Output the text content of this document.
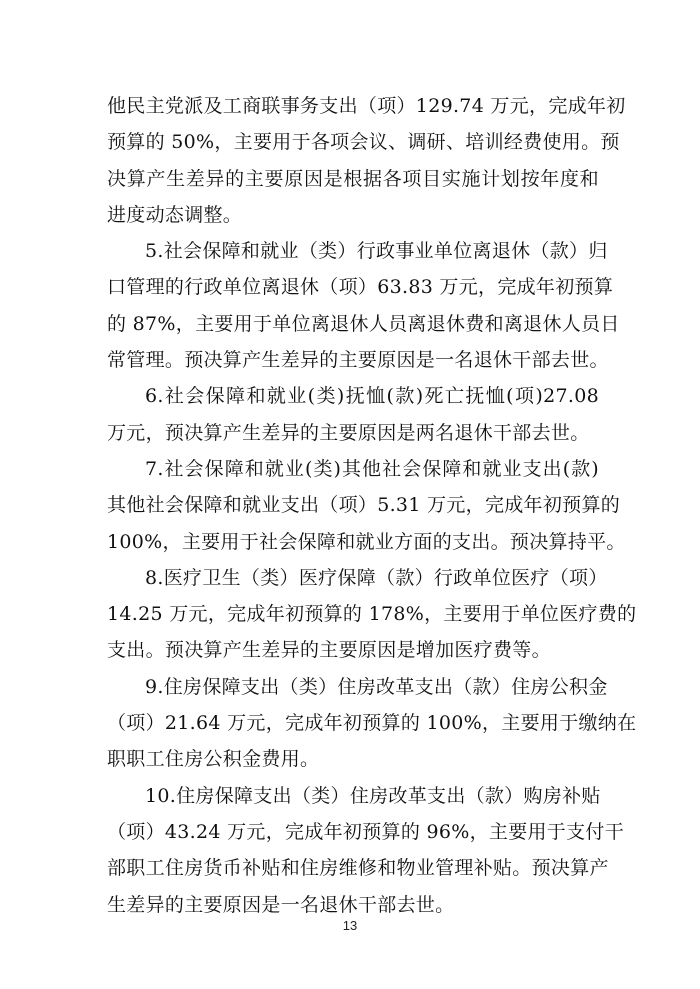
他民主党派及工商联事务支出（项）129.74 万元，完成年初
预算的 50%，主要用于各项会议、调研、培训经费使用。预
决算产生差异的主要原因是根据各项目实施计划按年度和
进度动态调整。
5.社会保障和就业（类）行政事业单位离退休（款）归
口管理的行政单位离退休（项）63.83 万元，完成年初预算
的 87%，主要用于单位离退休人员离退休费和离退休人员日
常管理。预决算产生差异的主要原因是一名退休干部去世。
6.社会保障和就业(类)抚恤(款)死亡抚恤(项)27.08
万元，预决算产生差异的主要原因是两名退休干部去世。
7.社会保障和就业(类)其他社会保障和就业支出(款)
其他社会保障和就业支出（项）5.31 万元，完成年初预算的
100%，主要用于社会保障和就业方面的支出。预决算持平。
8.医疗卫生（类）医疗保障（款）行政单位医疗（项）
14.25 万元，完成年初预算的 178%，主要用于单位医疗费的
支出。预决算产生差异的主要原因是增加医疗费等。
9.住房保障支出（类）住房改革支出（款）住房公积金
（项）21.64 万元，完成年初预算的 100%，主要用于缴纳在
职职工住房公积金费用。
10.住房保障支出（类）住房改革支出（款）购房补贴
（项）43.24 万元，完成年初预算的 96%，主要用于支付干
部职工住房货币补贴和住房维修和物业管理补贴。预决算产
生差异的主要原因是一名退休干部去世。
13
